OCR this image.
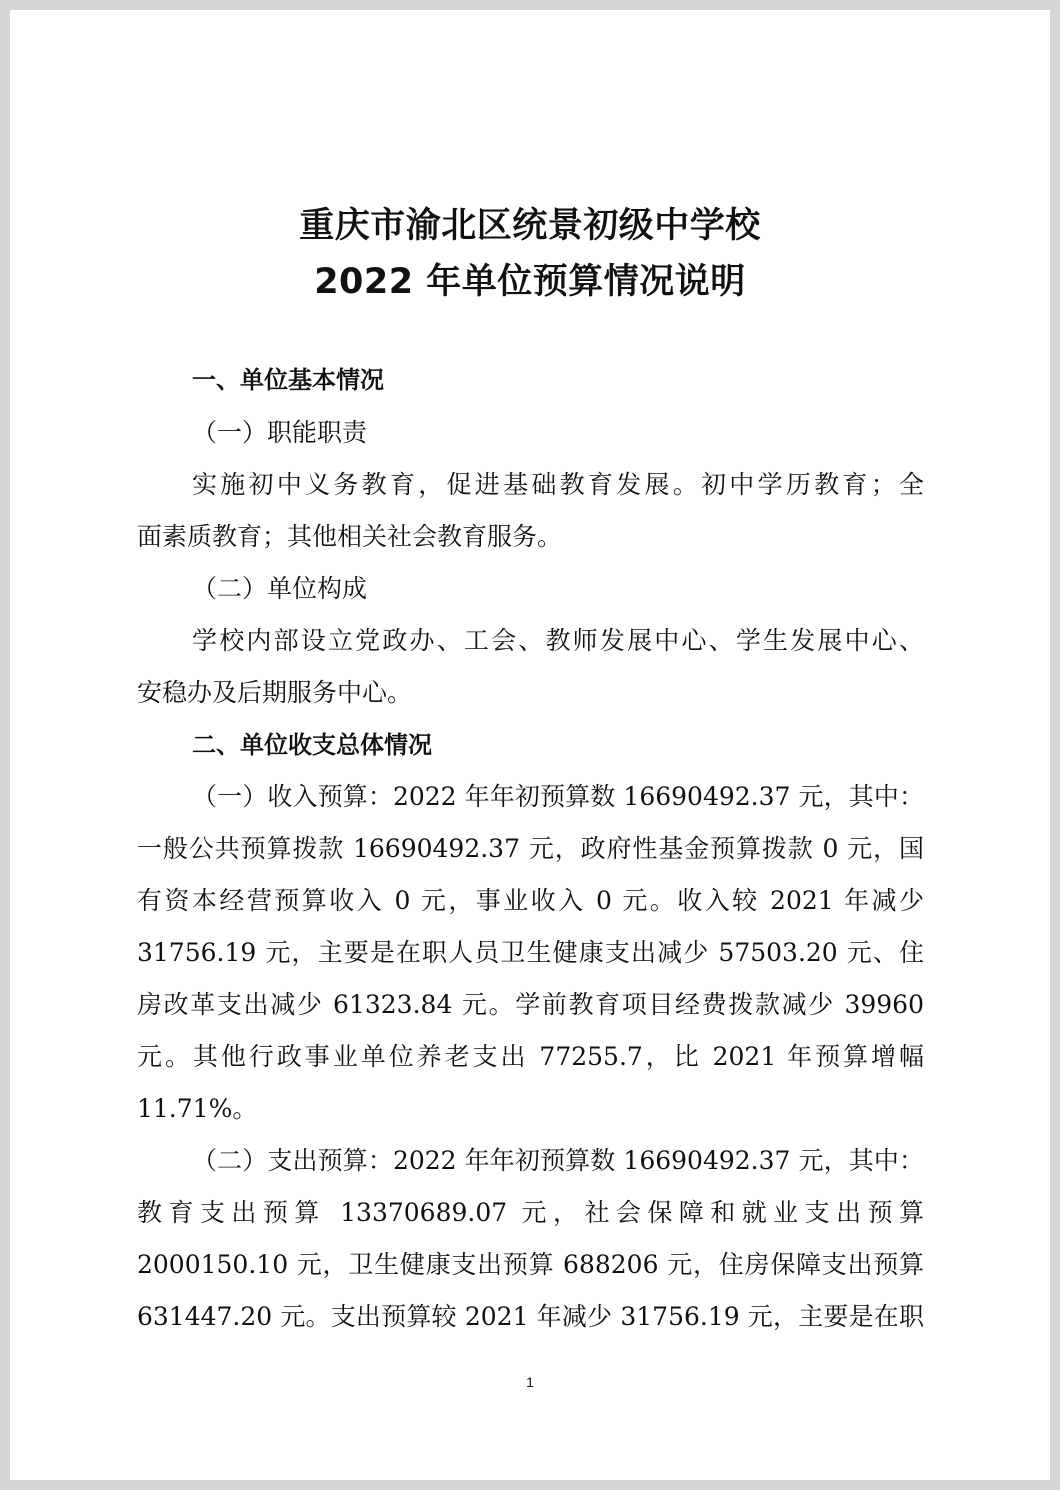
重庆市渝北区统景初级中学校
2022 年单位预算情况说明
一、单位基本情况
（一）职能职责
实施初中义务教育，促进基础教育发展。初中学历教育；全
面素质教育；其他相关社会教育服务。
（二）单位构成
学校内部设立党政办、工会、教师发展中心、学生发展中心、
安稳办及后期服务中心。
二、单位收支总体情况
（一）收入预算：2022 年年初预算数 16690492.37 元，其中：
一般公共预算拨款 16690492.37 元，政府性基金预算拨款 0 元，国
有资本经营预算收入 0 元，事业收入 0 元。收入较 2021 年减少
31756.19 元，主要是在职人员卫生健康支出减少 57503.20 元、住
房改革支出减少 61323.84 元。学前教育项目经费拨款减少 39960
元。其他行政事业单位养老支出 77255.7，比 2021 年预算增幅
11.71%。
（二）支出预算：2022 年年初预算数 16690492.37 元，其中：
教育支出预算 13370689.07 元，社会保障和就业支出预算
2000150.10 元，卫生健康支出预算 688206 元，住房保障支出预算
631447.20 元。支出预算较 2021 年减少 31756.19 元，主要是在职
1
